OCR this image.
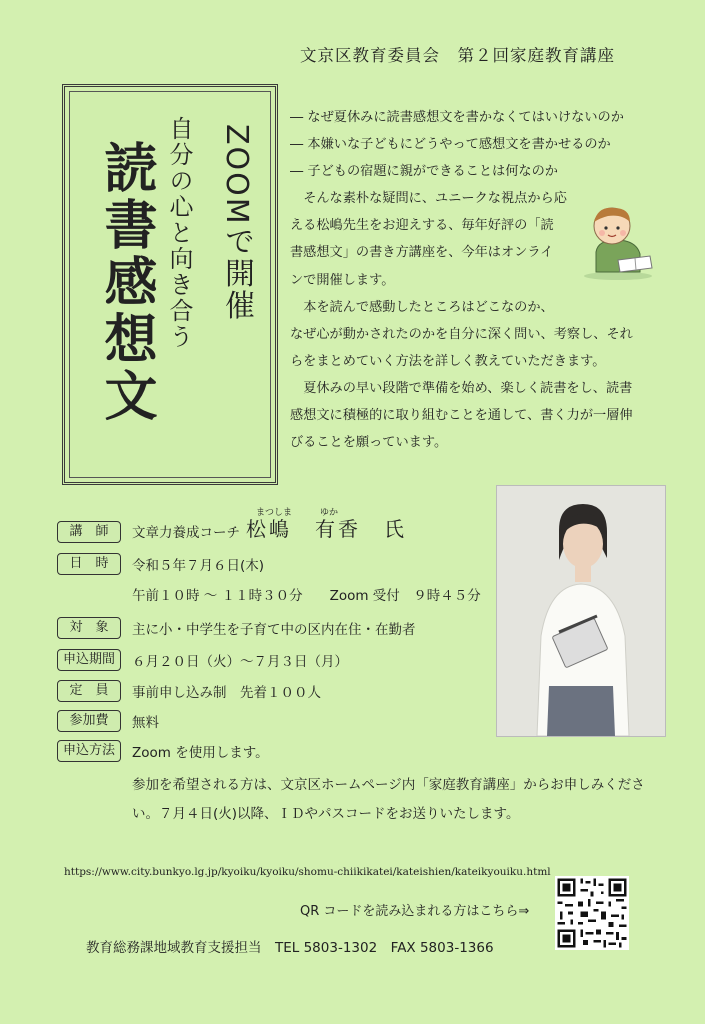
文京区教育委員会　第２回家庭教育講座
ZOOMで開催
自分の心と向き合う
読書感想文
― なぜ夏休みに読書感想文を書かなくてはいけないのか
― 本嫌いな子どもにどうやって感想文を書かせるのか
― 子どもの宿題に親ができることは何なのか
そんな素朴な疑問に、ユニークな視点から応
える松嶋先生をお迎えする、毎年好評の「読
書感想文」の書き方講座を、今年はオンライ
ンで開催します。
本を読んで感動したところはどこなのか、
なぜ心が動かされたのかを自分に深く問い、考察し、それ
らをまとめていく方法を詳しく教えていただきます。
夏休みの早い段階で準備を始め、楽しく読書をし、読書
感想文に積極的に取り組むことを通して、書く力が一層伸
びることを願っています。
講　師	文章力養成コーチ
まつしま	ゆか
松嶋　有香　氏
日　時	令和５年７月６日(木)
午前１０時 ～ １１時３０分　　Zoom 受付　９時４５分
対　象	主に小・中学生を子育て中の区内在住・在勤者
申込期間	６月２０日（火）～７月３日（月）
定　員	事前申し込み制　先着１００人
参加費	無料
申込方法	Zoom を使用します。
参加を希望される方は、文京区ホームページ内「家庭教育講座」からお申しみくださ
い。７月４日(火)以降、ＩＤやパスコードをお送りいたします。
https://www.city.bunkyo.lg.jp/kyoiku/kyoiku/shomu-chiikikatei/kateishien/kateikyouiku.html
QR コードを読み込まれる方はこちら⇒
教育総務課地域教育支援担当　TEL 5803-1302　FAX 5803-1366
